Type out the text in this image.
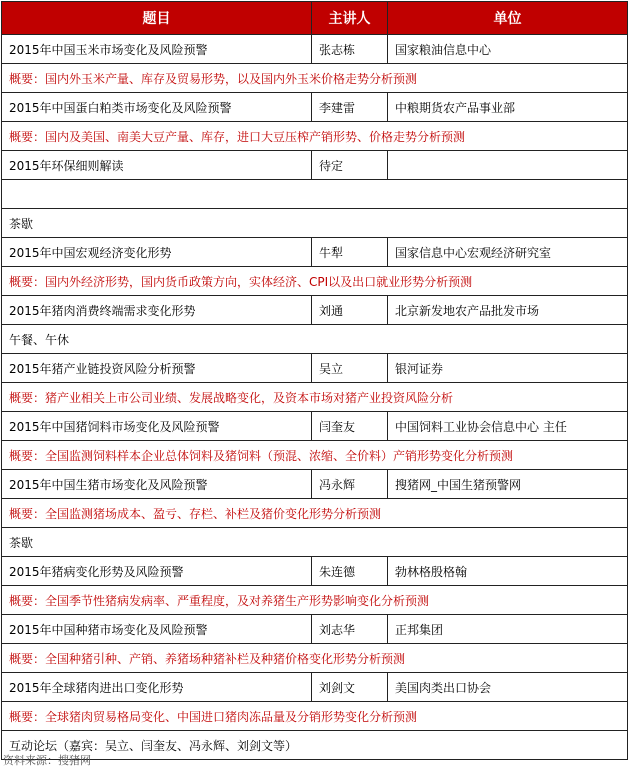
题目	主讲人	单位
2015年中国玉米市场变化及风险预警	张志栋	国家粮油信息中心
概要：国内外玉米产量、库存及贸易形势，以及国内外玉米价格走势分析预测		
2015年中国蛋白粕类市场变化及风险预警	李建雷	中粮期货农产品事业部
概要：国内及美国、南美大豆产量、库存，进口大豆压榨产销形势、价格走势分析预测		
2015年环保细则解读	待定	

茶歇		
2015年中国宏观经济变化形势	牛犁	国家信息中心宏观经济研究室
概要：国内外经济形势，国内货币政策方向，实体经济、CPI以及出口就业形势分析预测		
2015年猪肉消费终端需求变化形势	刘通	北京新发地农产品批发市场
午餐、午休		
2015年猪产业链投资风险分析预警	吴立	银河证券
概要：猪产业相关上市公司业绩、发展战略变化，及资本市场对猪产业投资风险分析		
2015年中国猪饲料市场变化及风险预警	闫奎友	中国饲料工业协会信息中心 主任
概要：全国监测饲料样本企业总体饲料及猪饲料（预混、浓缩、全价料）产销形势变化分析预测		
2015年中国生猪市场变化及风险预警	冯永辉	搜猪网_中国生猪预警网
概要：全国监测猪场成本、盈亏、存栏、补栏及猪价变化形势分析预测		
茶歇		
2015年猪病变化形势及风险预警	朱连德	勃林格殷格翰
概要：全国季节性猪病发病率、严重程度，及对养猪生产形势影响变化分析预测		
2015年中国种猪市场变化及风险预警	刘志华	正邦集团
概要：全国种猪引种、产销、养猪场种猪补栏及种猪价格变化形势分析预测		
2015年全球猪肉进出口变化形势	刘剑文	美国肉类出口协会
概要：全球猪肉贸易格局变化、中国进口猪肉冻品量及分销形势变化分析预测		
互动论坛（嘉宾：吴立、闫奎友、冯永辉、刘剑文等）		
资料来源：搜猪网
